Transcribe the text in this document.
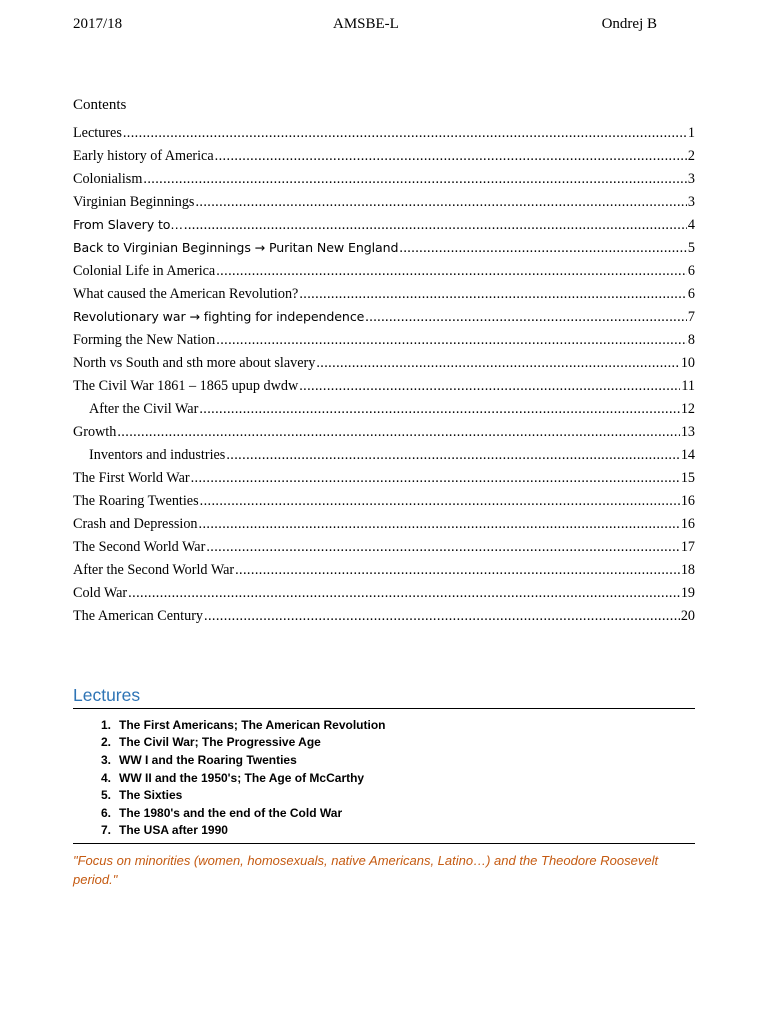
2017/18	AMSBE-L	Ondrej B
Contents
Lectures .....	1
Early history of America .....	2
Colonialism .....	3
Virginian Beginnings .....	3
From Slavery to… .....	4
Back to Virginian Beginnings → Puritan New England .....	5
Colonial Life in America .....	6
What caused the American Revolution? .....	6
Revolutionary war → fighting for independence .....	7
Forming the New Nation .....	8
North vs South and sth more about slavery .....	10
The Civil War 1861 – 1865 upup dwdw .....	11
After the Civil War .....	12
Growth .....	13
Inventors and industries .....	14
The First World War .....	15
The Roaring Twenties .....	16
Crash and Depression .....	16
The Second World War .....	17
After the Second World War .....	18
Cold War .....	19
The American Century .....	20
Lectures
1. The First Americans; The American Revolution
2. The Civil War; The Progressive Age
3. WW I and the Roaring Twenties
4. WW II and the 1950's; The Age of McCarthy
5. The Sixties
6. The 1980's and the end of the Cold War
7. The USA after 1990
"Focus on minorities (women, homosexuals, native Americans, Latino…) and the Theodore Roosevelt period."
